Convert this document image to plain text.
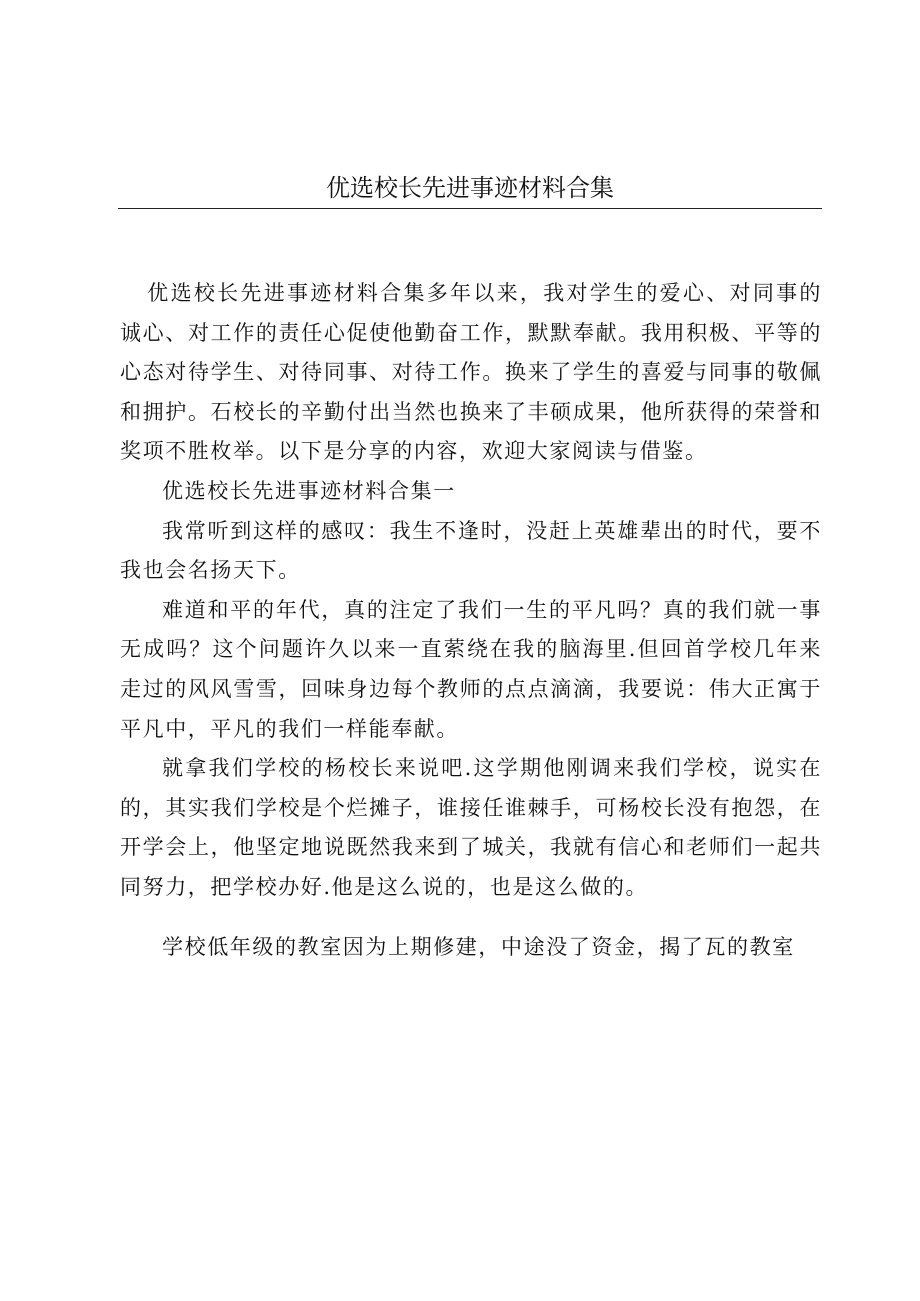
优选校长先进事迹材料合集

优选校长先进事迹材料合集多年以来，我对学生的爱心、对同事的诚心、对工作的责任心促使他勤奋工作，默默奉献。我用积极、平等的心态对待学生、对待同事、对待工作。换来了学生的喜爱与同事的敬佩和拥护。石校长的辛勤付出当然也换来了丰硕成果，他所获得的荣誉和奖项不胜枚举。以下是分享的内容，欢迎大家阅读与借鉴。

优选校长先进事迹材料合集一

我常听到这样的感叹：我生不逢时，没赶上英雄辈出的时代，要不我也会名扬天下。

难道和平的年代，真的注定了我们一生的平凡吗？真的我们就一事无成吗？这个问题许久以来一直萦绕在我的脑海里.但回首学校几年来走过的风风雪雪，回味身边每个教师的点点滴滴，我要说：伟大正寓于平凡中，平凡的我们一样能奉献。

就拿我们学校的杨校长来说吧.这学期他刚调来我们学校，说实在的，其实我们学校是个烂摊子，谁接任谁棘手，可杨校长没有抱怨，在开学会上，他坚定地说既然我来到了城关，我就有信心和老师们一起共同努力，把学校办好.他是这么说的，也是这么做的。

学校低年级的教室因为上期修建，中途没了资金，揭了瓦的教室
